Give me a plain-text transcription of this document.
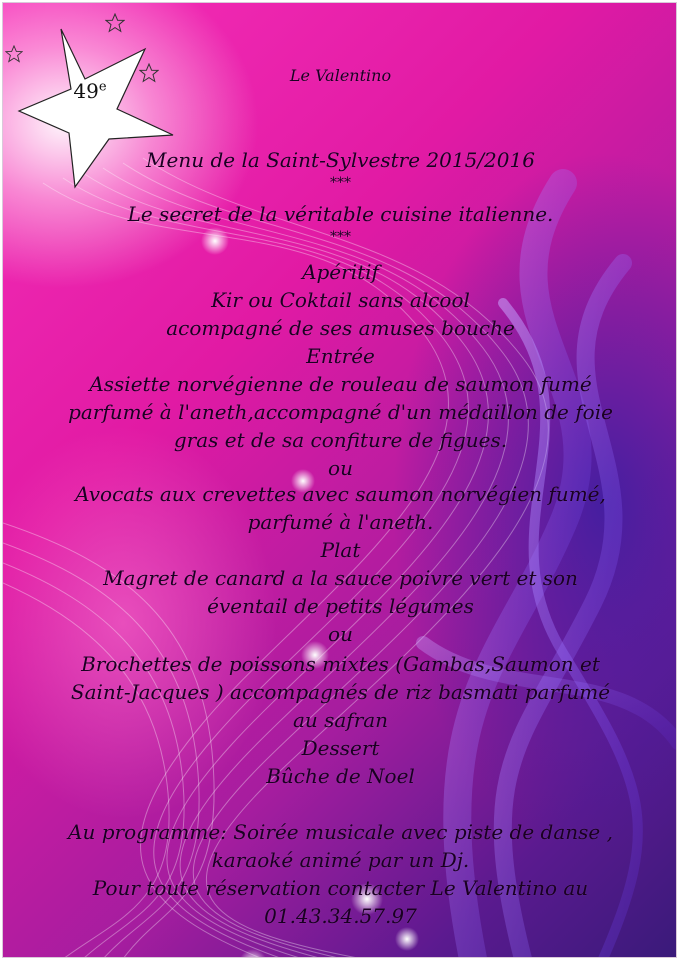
49e
Le Valentino
Menu de la Saint-Sylvestre 2015/2016
***
Le secret de la véritable cuisine italienne.
***
Apéritif
Kir ou Coktail sans alcool
acompagné de ses amuses bouche
Entrée
Assiette norvégienne de rouleau de saumon fumé
parfumé à l'aneth,accompagné d'un médaillon de foie
gras et de sa confiture de figues.
ou
Avocats aux crevettes avec saumon norvégien fumé,
parfumé à l'aneth.
Plat
Magret de canard a la sauce poivre vert et son
éventail de petits légumes
ou
Brochettes de poissons mixtes (Gambas,Saumon et
Saint-Jacques ) accompagnés de riz basmati parfumé
au safran
Dessert
Bûche de Noel
Au programme: Soirée musicale avec piste de danse ,
karaoké animé par un Dj.
Pour toute réservation contacter Le Valentino au
01.43.34.57.97
